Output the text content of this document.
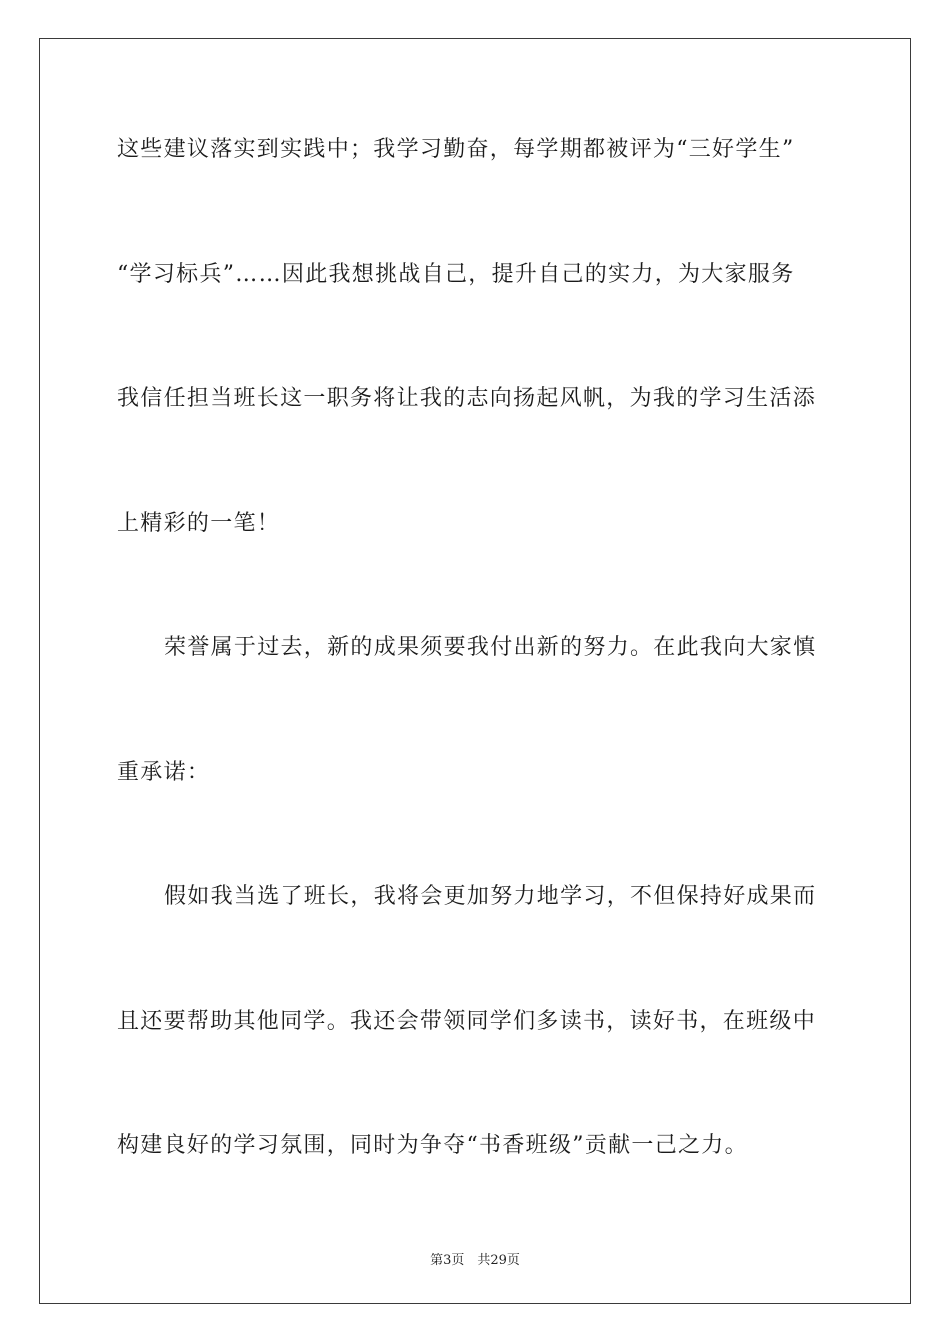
这些建议落实到实践中；我学习勤奋，每学期都被评为“三好学生”
“学习标兵”……因此我想挑战自己，提升自己的实力，为大家服务
我信任担当班长这一职务将让我的志向扬起风帆，为我的学习生活添
上精彩的一笔！
荣誉属于过去，新的成果须要我付出新的努力。在此我向大家慎
重承诺：
假如我当选了班长，我将会更加努力地学习，不但保持好成果而
且还要帮助其他同学。我还会带领同学们多读书，读好书，在班级中
构建良好的学习氛围，同时为争夺“书香班级”贡献一己之力。
第3页　共29页
